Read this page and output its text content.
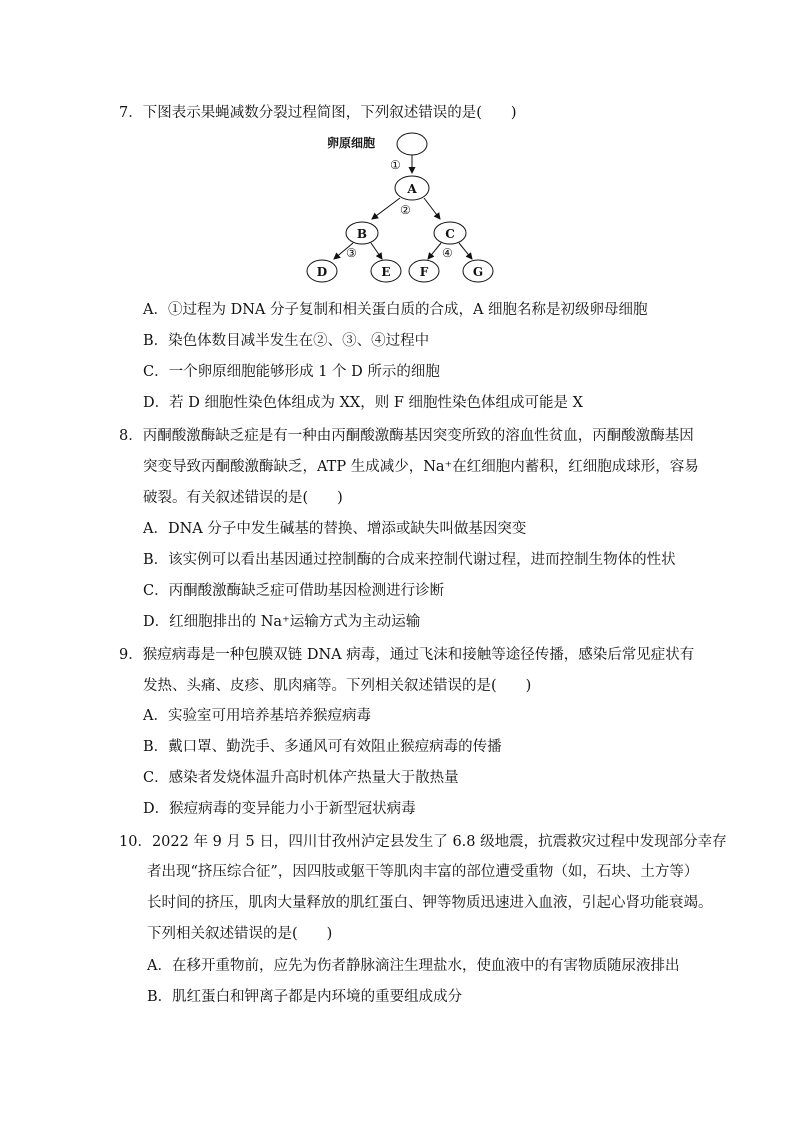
7．下图表示果蝇减数分裂过程简图，下列叙述错误的是(　　)
卵原细胞
A
B	C
D	E F	G
①
②
③	④
A．①过程为 DNA 分子复制和相关蛋白质的合成，A 细胞名称是初级卵母细胞
B．染色体数目减半发生在②、③、④过程中
C．一个卵原细胞能够形成 1 个 D 所示的细胞
D．若 D 细胞性染色体组成为 XX，则 F 细胞性染色体组成可能是 X
8．丙酮酸激酶缺乏症是有一种由丙酮酸激酶基因突变所致的溶血性贫血，丙酮酸激酶基因
突变导致丙酮酸激酶缺乏，ATP 生成减少，Na⁺在红细胞内蓄积，红细胞成球形，容易
破裂。有关叙述错误的是(　　)
A．DNA 分子中发生碱基的替换、增添或缺失叫做基因突变
B．该实例可以看出基因通过控制酶的合成来控制代谢过程，进而控制生物体的性状
C．丙酮酸激酶缺乏症可借助基因检测进行诊断
D．红细胞排出的 Na⁺运输方式为主动运输
9．猴痘病毒是一种包膜双链 DNA 病毒，通过飞沫和接触等途径传播，感染后常见症状有
发热、头痛、皮疹、肌肉痛等。下列相关叙述错误的是(　　)
A．实验室可用培养基培养猴痘病毒
B．戴口罩、勤洗手、多通风可有效阻止猴痘病毒的传播
C．感染者发烧体温升高时机体产热量大于散热量
D．猴痘病毒的变异能力小于新型冠状病毒
10．2022 年 9 月 5 日，四川甘孜州泸定县发生了 6.8 级地震，抗震救灾过程中发现部分幸存
者出现“挤压综合征”，因四肢或躯干等肌肉丰富的部位遭受重物（如，石块、土方等）
长时间的挤压，肌肉大量释放的肌红蛋白、钾等物质迅速进入血液，引起心肾功能衰竭。
下列相关叙述错误的是(　　)
A．在移开重物前，应先为伤者静脉滴注生理盐水，使血液中的有害物质随尿液排出
B．肌红蛋白和钾离子都是内环境的重要组成成分
